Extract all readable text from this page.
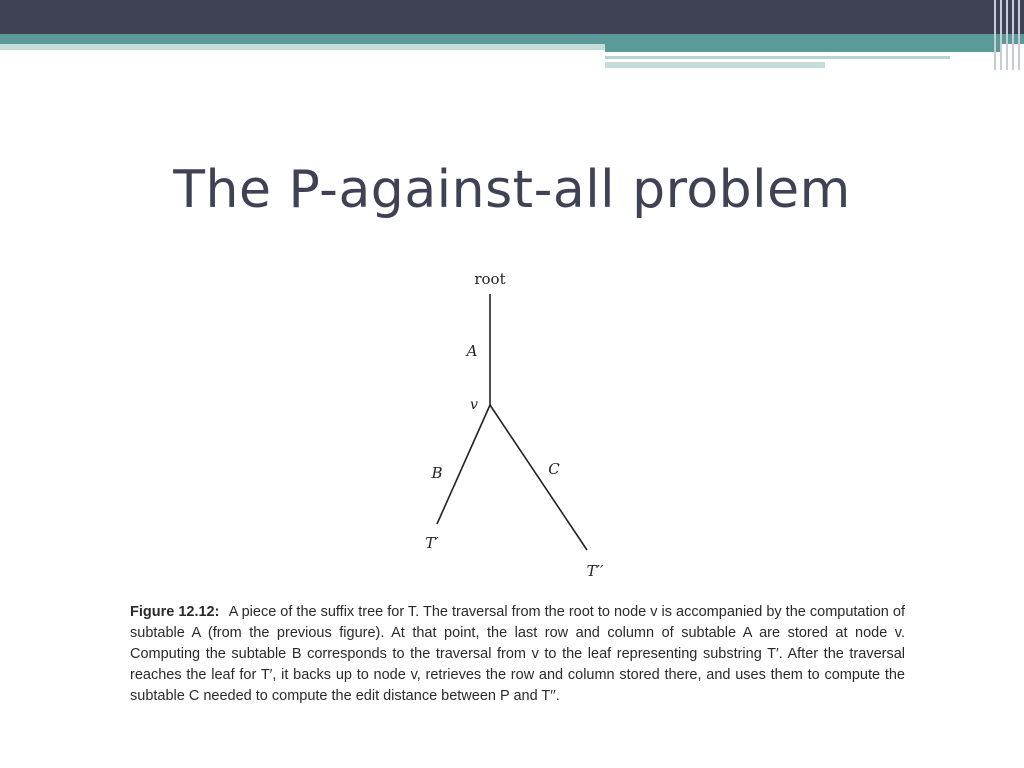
The P-against-all problem
root
A
v
B	C
T′
T′′
Figure 12.12: A piece of the suffix tree for T. The traversal from the root to node v is accompanied by the computation of subtable A (from the previous figure). At that point, the last row and column of subtable A are stored at node v. Computing the subtable B corresponds to the traversal from v to the leaf representing substring T′. After the traversal reaches the leaf for T′, it backs up to node v, retrieves the row and column stored there, and uses them to compute the subtable C needed to compute the edit distance between P and T′′.
